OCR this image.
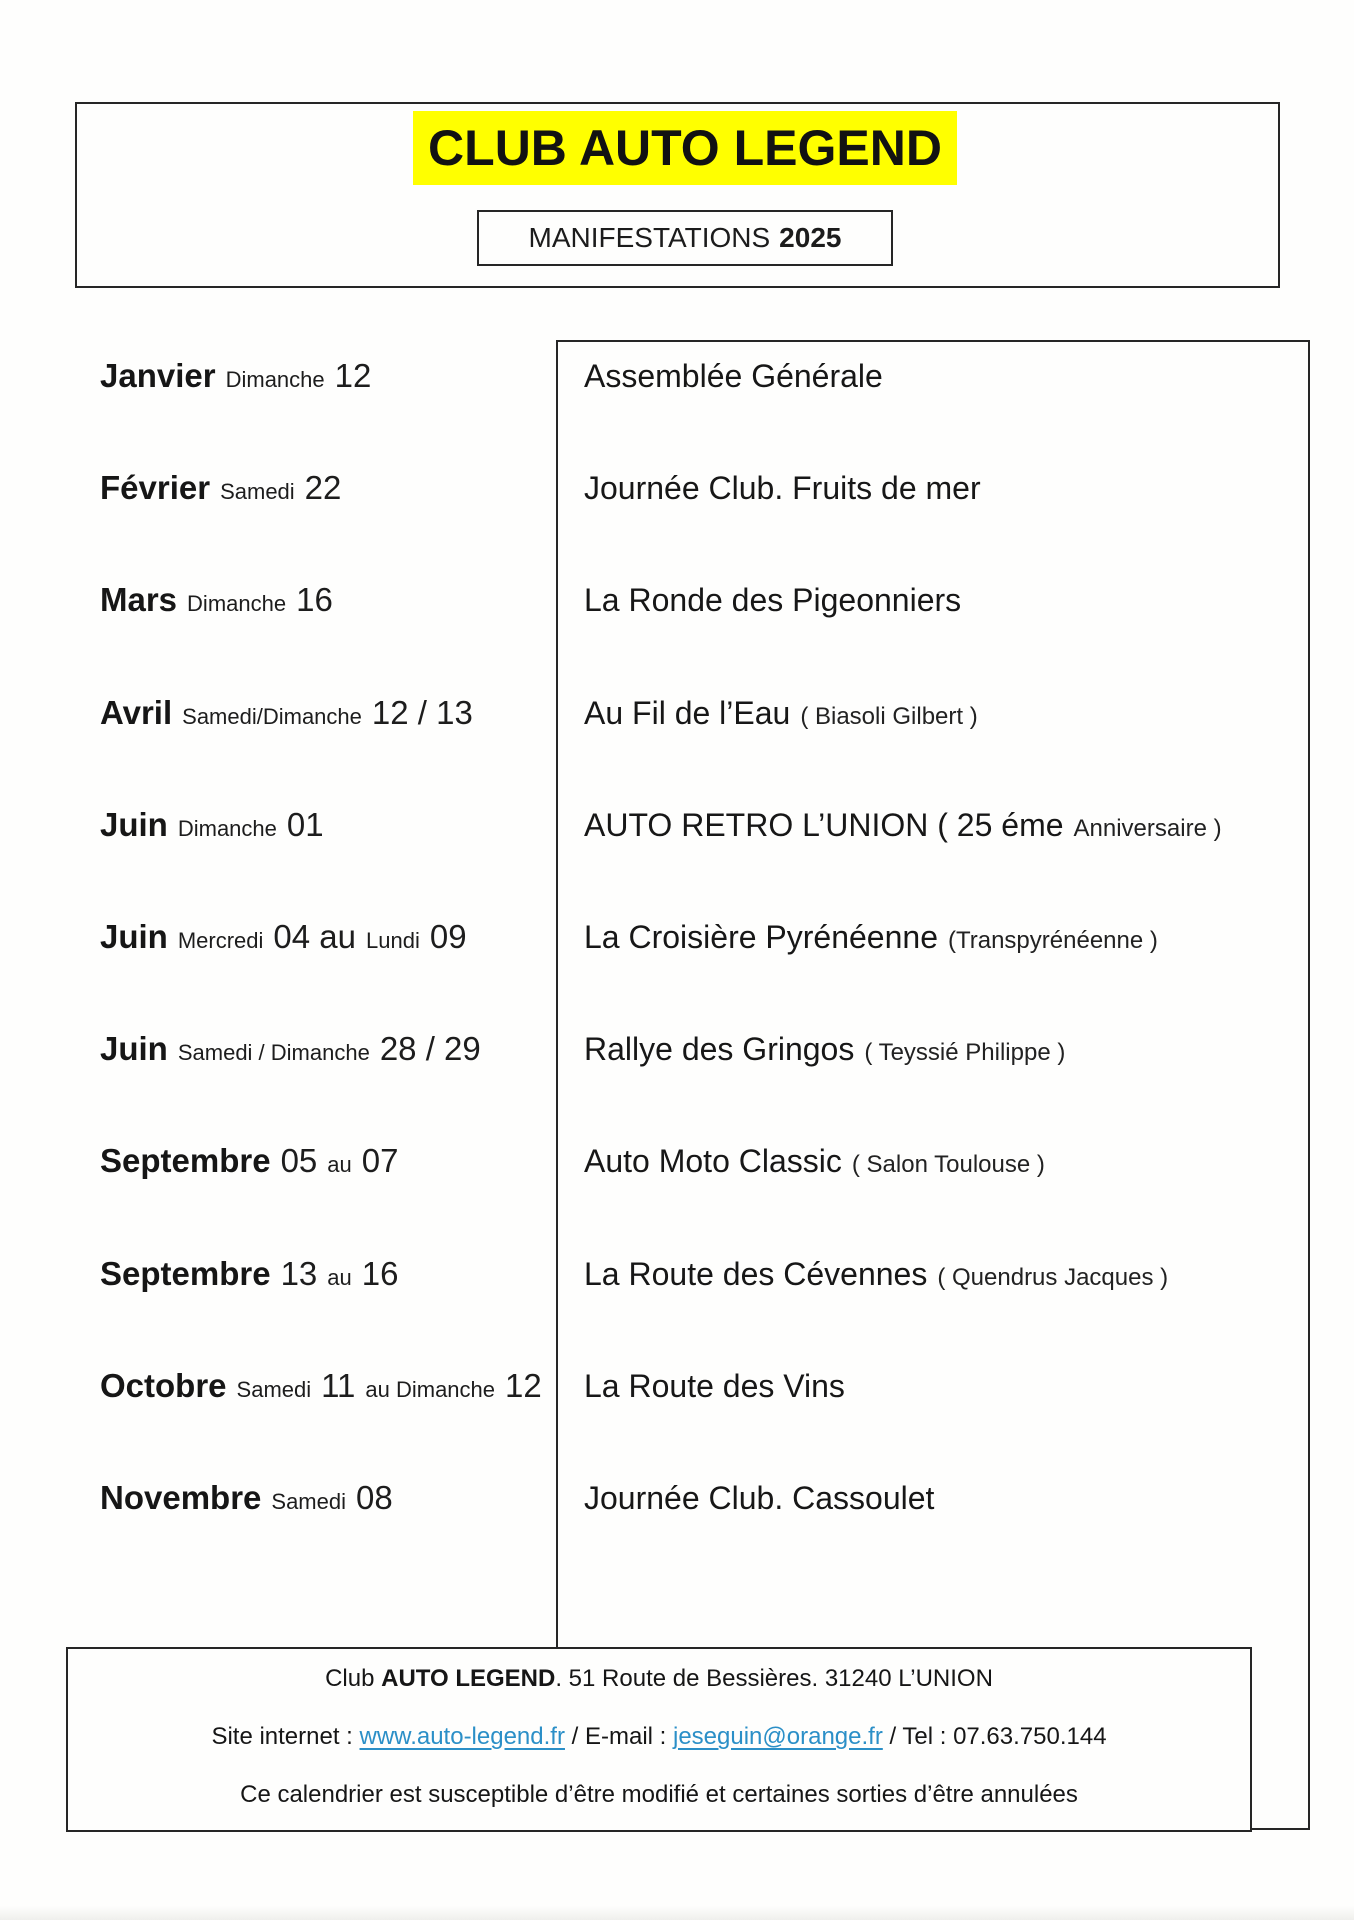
CLUB AUTO LEGEND
MANIFESTATIONS 2025
Janvier Dimanche 12	Assemblée Générale
Février Samedi 22	Journée Club. Fruits de mer
Mars Dimanche 16	La Ronde des Pigeonniers
Avril Samedi/Dimanche 12 / 13	Au Fil de l’Eau ( Biasoli Gilbert )
Juin Dimanche 01	AUTO RETRO L’UNION ( 25 éme Anniversaire )
Juin Mercredi 04 au Lundi 09	La Croisière Pyrénéenne (Transpyrénéenne )
Juin Samedi / Dimanche 28 / 29	Rallye des Gringos ( Teyssié Philippe )
Septembre 05 au 07	Auto Moto Classic ( Salon Toulouse )
Septembre 13 au 16	La Route des Cévennes ( Quendrus Jacques )
Octobre Samedi 11 au Dimanche 12	La Route des Vins
Novembre Samedi 08	Journée Club. Cassoulet
Club AUTO LEGEND. 51 Route de Bessières. 31240 L’UNION
Site internet : www.auto-legend.fr / E-mail : jeseguin@orange.fr / Tel : 07.63.750.144
Ce calendrier est susceptible d’être modifié et certaines sorties d’être annulées
